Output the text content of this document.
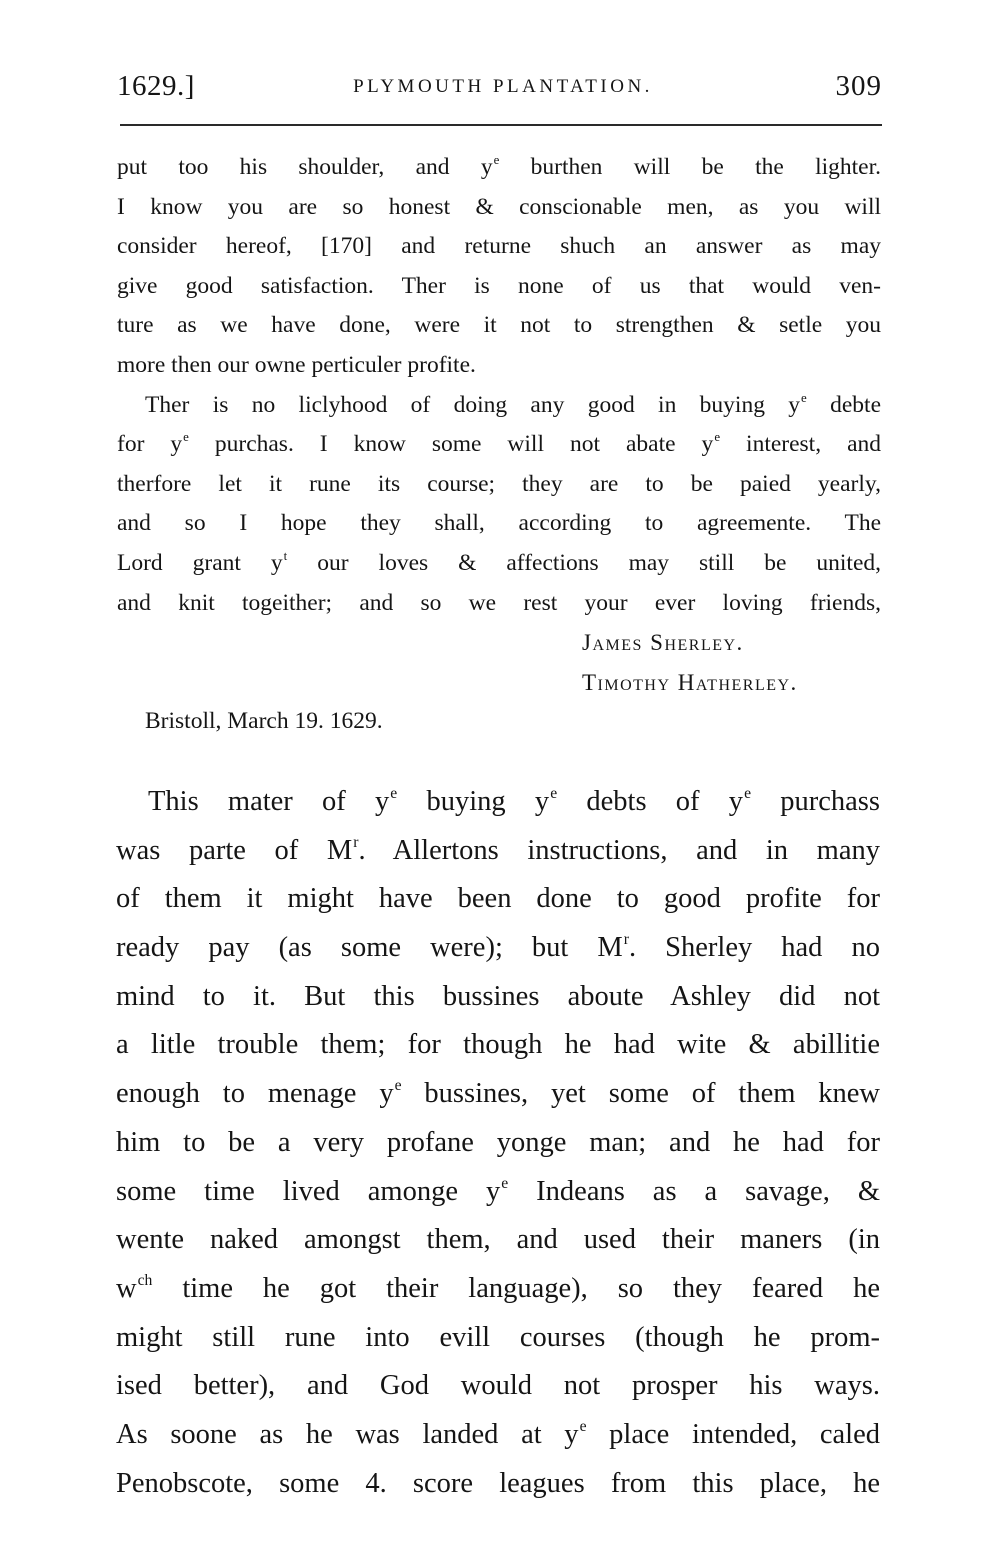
1629.]	PLYMOUTH PLANTATION.	309
put too his shoulder, and $y^e$ burthen will be the lighter.
I know you are so honest & conscionable men, as you will
consider hereof, [170] and returne shuch an answer as may
give good satisfaction. Ther is none of us that would ven-
ture as we have done, were it not to strengthen & setle you
more then our owne perticuler profite.
Ther is no liclyhood of doing any good in buying $y^e$ debte
for $y^e$ purchas. I know some will not abate $y^e$ interest, and
therfore let it rune its course; they are to be paied yearly,
and so I hope they shall, according to agreemente. The
Lord grant $y^t$ our loves & affections may still be united,
and knit togeither; and so we rest your ever loving friends,
James Sherley.
Timothy Hatherley.
Bristoll, March 19. 1629.
This mater of $y^e$ buying $y^e$ debts of $y^e$ purchass
was parte of $M^r$. Allertons instructions, and in many
of them it might have been done to good profite for
ready pay (as some were); but $M^r$. Sherley had no
mind to it. But this bussines aboute Ashley did not
a litle trouble them; for though he had wite & abillitie
enough to menage $y^e$ bussines, yet some of them knew
him to be a very profane yonge man; and he had for
some time lived amonge $y^e$ Indeans as a savage, &
wente naked amongst them, and used their maners (in
$w^{ch}$ time he got their language), so they feared he
might still rune into evill courses (though he prom-
ised better), and God would not prosper his ways.
As soone as he was landed at $y^e$ place intended, caled
Penobscote, some 4. score leagues from this place, he
